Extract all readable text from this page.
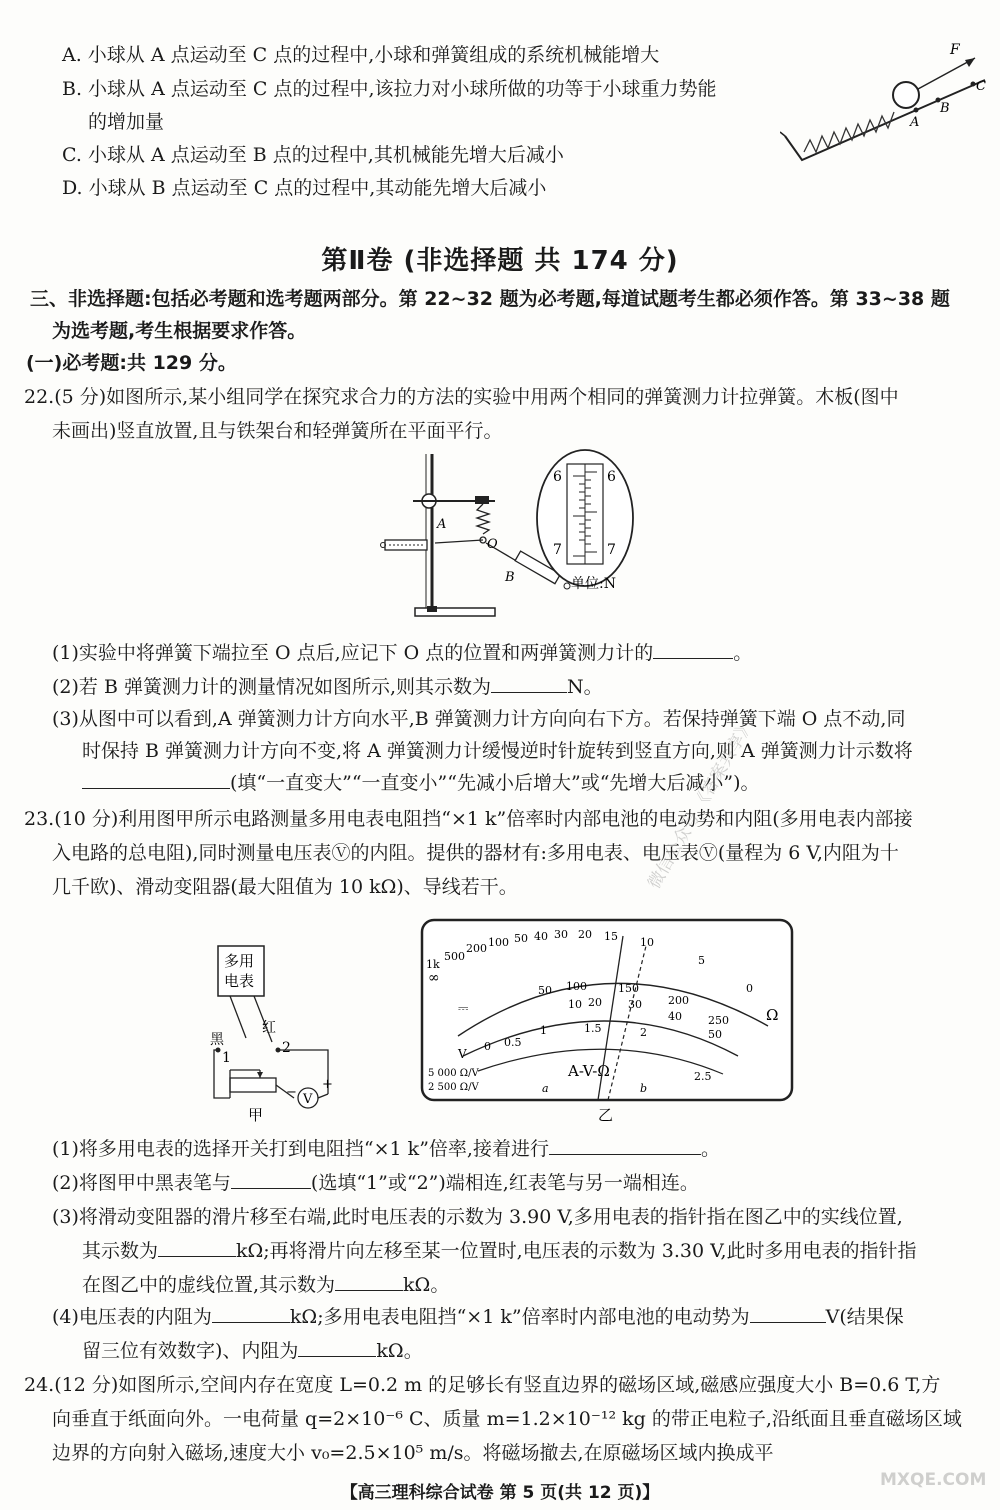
A. 小球从 A 点运动至 C 点的过程中,小球和弹簧组成的系统机械能增大
B. 小球从 A 点运动至 C 点的过程中,该拉力对小球所做的功等于小球重力势能
的增加量
C. 小球从 A 点运动至 B 点的过程中,其机械能先增大后减小
D. 小球从 B 点运动至 C 点的过程中,其动能先增大后减小
F
A
B
C
第Ⅱ卷 (非选择题 共 174 分)
三、非选择题:包括必考题和选考题两部分。第 22~32 题为必考题,每道试题考生都必须作答。第 33~38 题
为选考题,考生根据要求作答。
(一)必考题:共 129 分。
22.(5 分)如图所示,某小组同学在探究求合力的方法的实验中用两个相同的弹簧测力计拉弹簧。木板(图中
未画出)竖直放置,且与铁架台和轻弹簧所在平面平行。
A
O
B
6	6
7	7
单位:N
(1)实验中将弹簧下端拉至 O 点后,应记下 O 点的位置和两弹簧测力计的	。
(2)若 B 弹簧测力计的测量情况如图所示,则其示数为	N。
(3)从图中可以看到,A 弹簧测力计方向水平,B 弹簧测力计方向向右下方。若保持弹簧下端 O 点不动,同
时保持 B 弹簧测力计方向不变,将 A 弹簧测力计缓慢逆时针旋转到竖直方向,则 A 弹簧测力计示数将
(填“一直变大”“一直变小”“先减小后增大”或“先增大后减小”)。
23.(10 分)利用图甲所示电路测量多用电表电阻挡“×1 k”倍率时内部电池的电动势和内阻(多用电表内部接
入电路的总电阻),同时测量电压表Ⓥ的内阻。提供的器材有:多用电表、电压表Ⓥ(量程为 6 V,内阻为十
几千欧)、滑动变阻器(最大阻值为 10 kΩ)、导线若干。
多用
电表
黑
红
1
2
V
−
+
甲
1k
500
200 100 50 40 30 20 15 10
5
0
∞
Ω
50 100	150
200
250
10 20 30
40
50
0 0.5
1	1.5	2
2.5
⎓
V
5 000 Ω/V
2 500 Ω/V
A-V-Ω
a	b
乙
(1)将多用电表的选择开关打到电阻挡“×1 k”倍率,接着进行	。
(2)将图甲中黑表笔与	(选填“1”或“2”)端相连,红表笔与另一端相连。
(3)将滑动变阻器的滑片移至右端,此时电压表的示数为 3.90 V,多用电表的指针指在图乙中的实线位置,
其示数为	kΩ;再将滑片向左移至某一位置时,电压表的示数为 3.30 V,此时多用电表的指针指
在图乙中的虚线位置,其示数为	kΩ。
(4)电压表的内阻为	kΩ;多用电表电阻挡“×1 k”倍率时内部电池的电动势为	V(结果保
留三位有效数字)、内阻为	kΩ。
24.(12 分)如图所示,空间内存在宽度 L=0.2 m 的足够长有竖直边界的磁场区域,磁感应强度大小 B=0.6 T,方
向垂直于纸面向外。一电荷量 q=2×10⁻⁶ C、质量 m=1.2×10⁻¹² kg 的带正电粒子,沿纸面且垂直磁场区域
边界的方向射入磁场,速度大小 v₀=2.5×10⁵ m/s。将磁场撤去,在原磁场区域内换成平
微信公众号 《答案共享》
MXQE.COM
【高三理科综合试卷 第 5 页(共 12 页)】
